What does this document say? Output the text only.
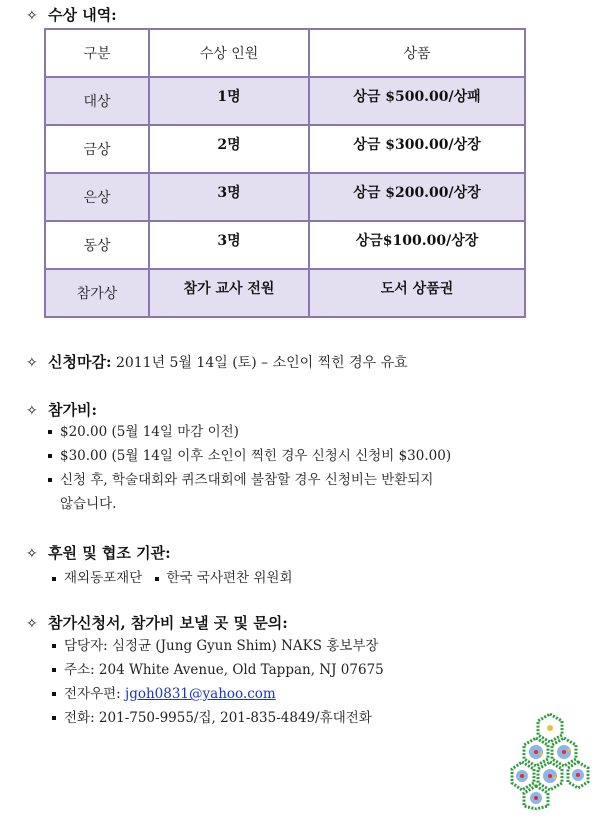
✧ 수상 내역:
구분	수상 인원	상품
대상	1명	상금 $500.00/상패
금상	2명	상금 $300.00/상장
은상	3명	상금 $200.00/상장
동상	3명	상금$100.00/상장
참가상	참가 교사 전원	도서 상품권
✧ 신청마감: 2011년 5월 14일 (토) – 소인이 찍힌 경우 유효
✧ 참가비:
$20.00 (5월 14일 마감 이전)
$30.00 (5월 14일 이후 소인이 찍힌 경우 신청시 신청비 $30.00)
신청 후, 학술대회와 퀴즈대회에 불참할 경우 신청비는 반환되지
않습니다.
✧ 후원 및 협조 기관:
재외동포재단 한국 국사편찬 위원회
✧ 참가신청서, 참가비 보낼 곳 및 문의:
담당자: 심정균 (Jung Gyun Shim) NAKS 홍보부장
주소: 204 White Avenue, Old Tappan, NJ 07675
전자우편: jgoh0831@yahoo.com
전화: 201-750-9955/집, 201-835-4849/휴대전화
